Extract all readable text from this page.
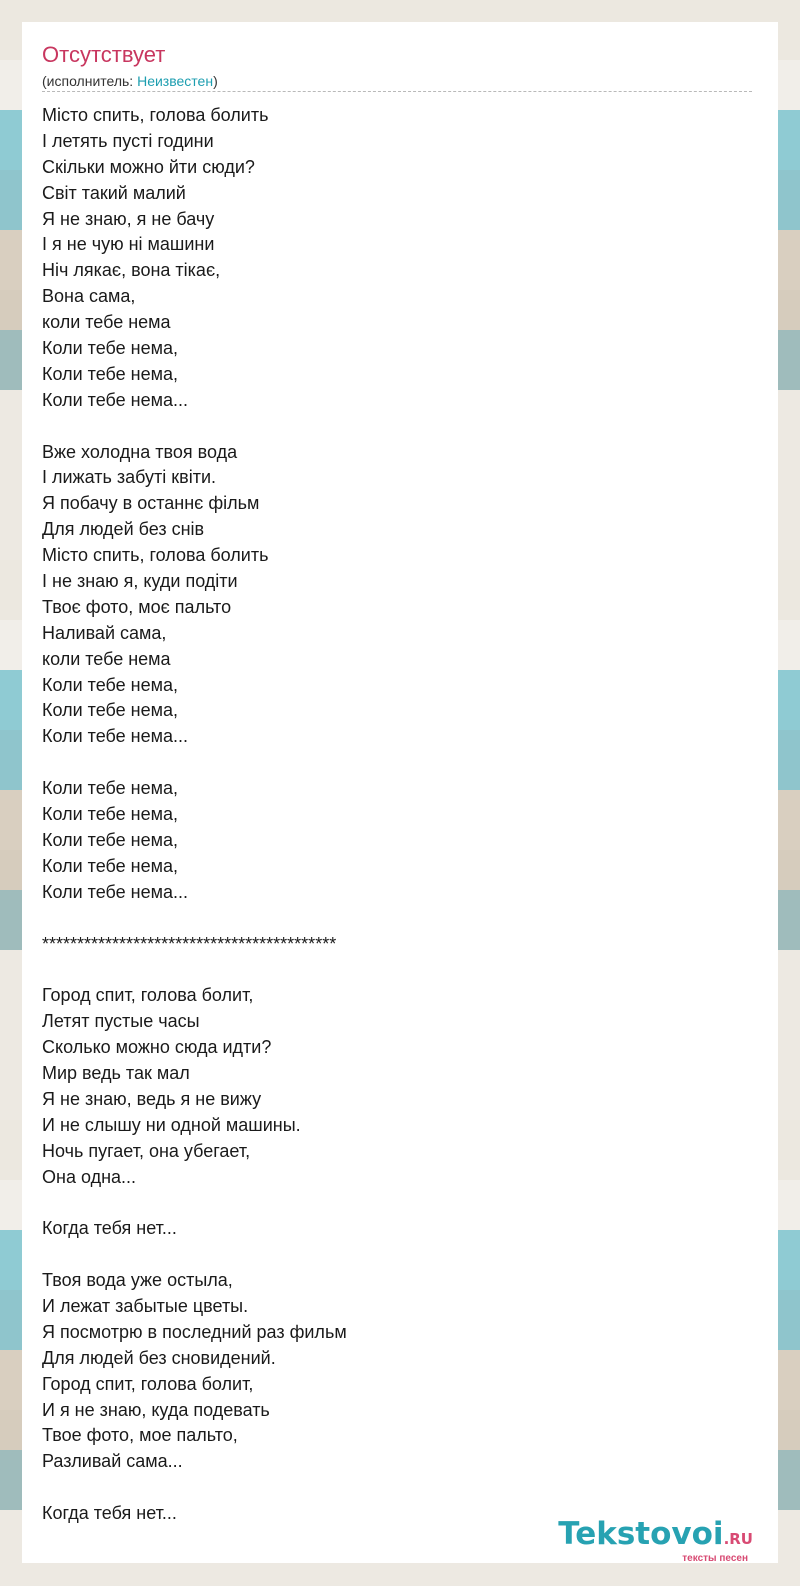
Отсутствует
(исполнитель: Неизвестен)
Місто спить, голова болить
І летять пусті години
Скільки можно йти сюди?
Світ такий малий
Я не знаю, я не бачу
І я не чую ні машини
Ніч лякає, вона тікає,
Вона сама,
коли тебе нема
Коли тебе нема,
Коли тебе нема,
Коли тебе нема...
Вже холодна твоя вода
І лижать забуті квіти.
Я побачу в останнє фільм
Для людей без снів
Місто спить, голова болить
І не знаю я, куди подіти
Твоє фото, моє пальто
Наливай сама,
коли тебе нема
Коли тебе нема,
Коли тебе нема,
Коли тебе нема...
Коли тебе нема,
Коли тебе нема,
Коли тебе нема,
Коли тебе нема,
Коли тебе нема...
******************************************
Город спит, голова болит,
Летят пустые часы
Сколько можно сюда идти?
Мир ведь так мал
Я не знаю, ведь я не вижу
И не слышу ни одной машины.
Ночь пугает, она убегает,
Она одна...
Когда тебя нет...
Твоя вода уже остыла,
И лежат забытые цветы.
Я посмотрю в последний раз фильм
Для людей без сновидений.
Город спит, голова болит,
И я не знаю, куда подевать
Твое фото, мое пальто,
Разливай сама...
Когда тебя нет...
Tekstovoi.RU
тексты песен
